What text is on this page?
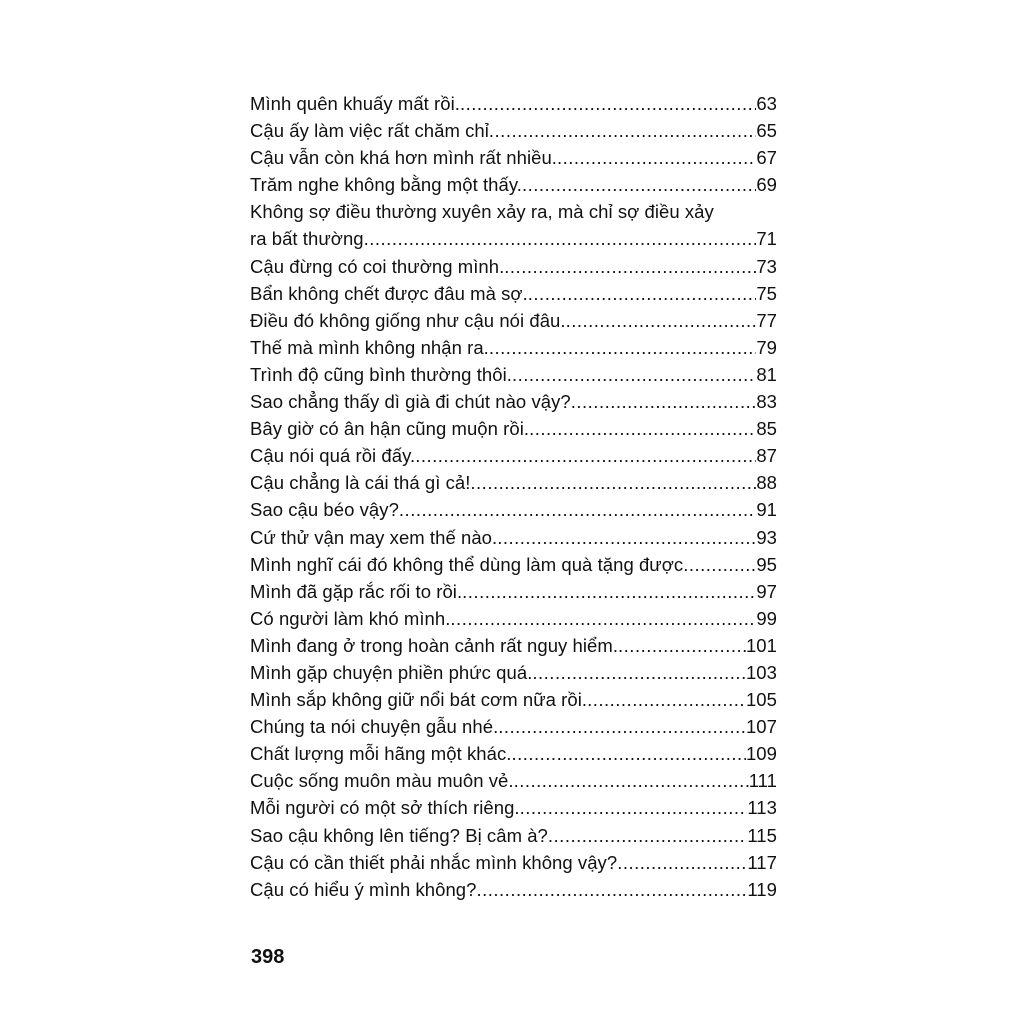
Mình quên khuấy mất rồi. .....	63
Cậu ấy làm việc rất chăm chỉ .....	65
Cậu vẫn còn khá hơn mình rất nhiều. .....	67
Trăm nghe không bằng một thấy. .....	69
Không sợ điều thường xuyên xảy ra, mà chỉ sợ điều xảy
ra bất thường .....	71
Cậu đừng có coi thường mình. .....	73
Bẩn không chết được đâu mà sợ. .....	75
Điều đó không giống như cậu nói đâu. .....	77
Thế mà mình không nhận ra. .....	79
Trình độ cũng bình thường thôi. .....	81
Sao chẳng thấy dì già đi chút nào vậy? .....	83
Bây giờ có ân hận cũng muộn rồi. .....	85
Cậu nói quá rồi đấy. .....	87
Cậu chẳng là cái thá gì cả! .....	88
Sao cậu béo vậy? .....	91
Cứ thử vận may xem thế nào. .....	93
Mình nghĩ cái đó không thể dùng làm quà tặng được .....	95
Mình đã gặp rắc rối to rồi. .....	97
Có người làm khó mình. .....	99
Mình đang ở trong hoàn cảnh rất nguy hiểm. .....	101
Mình gặp chuyện phiền phức quá. .....	103
Mình sắp không giữ nổi bát cơm nữa rồi. .....	105
Chúng ta nói chuyện gẫu nhé. .....	107
Chất lượng mỗi hãng một khác. .....	109
Cuộc sống muôn màu muôn vẻ. .....	111
Mỗi người có một sở thích riêng. .....	113
Sao cậu không lên tiếng? Bị câm à? .....	115
Cậu có cần thiết phải nhắc mình không vậy? .....	117
Cậu có hiểu ý mình không? .....	119
398
